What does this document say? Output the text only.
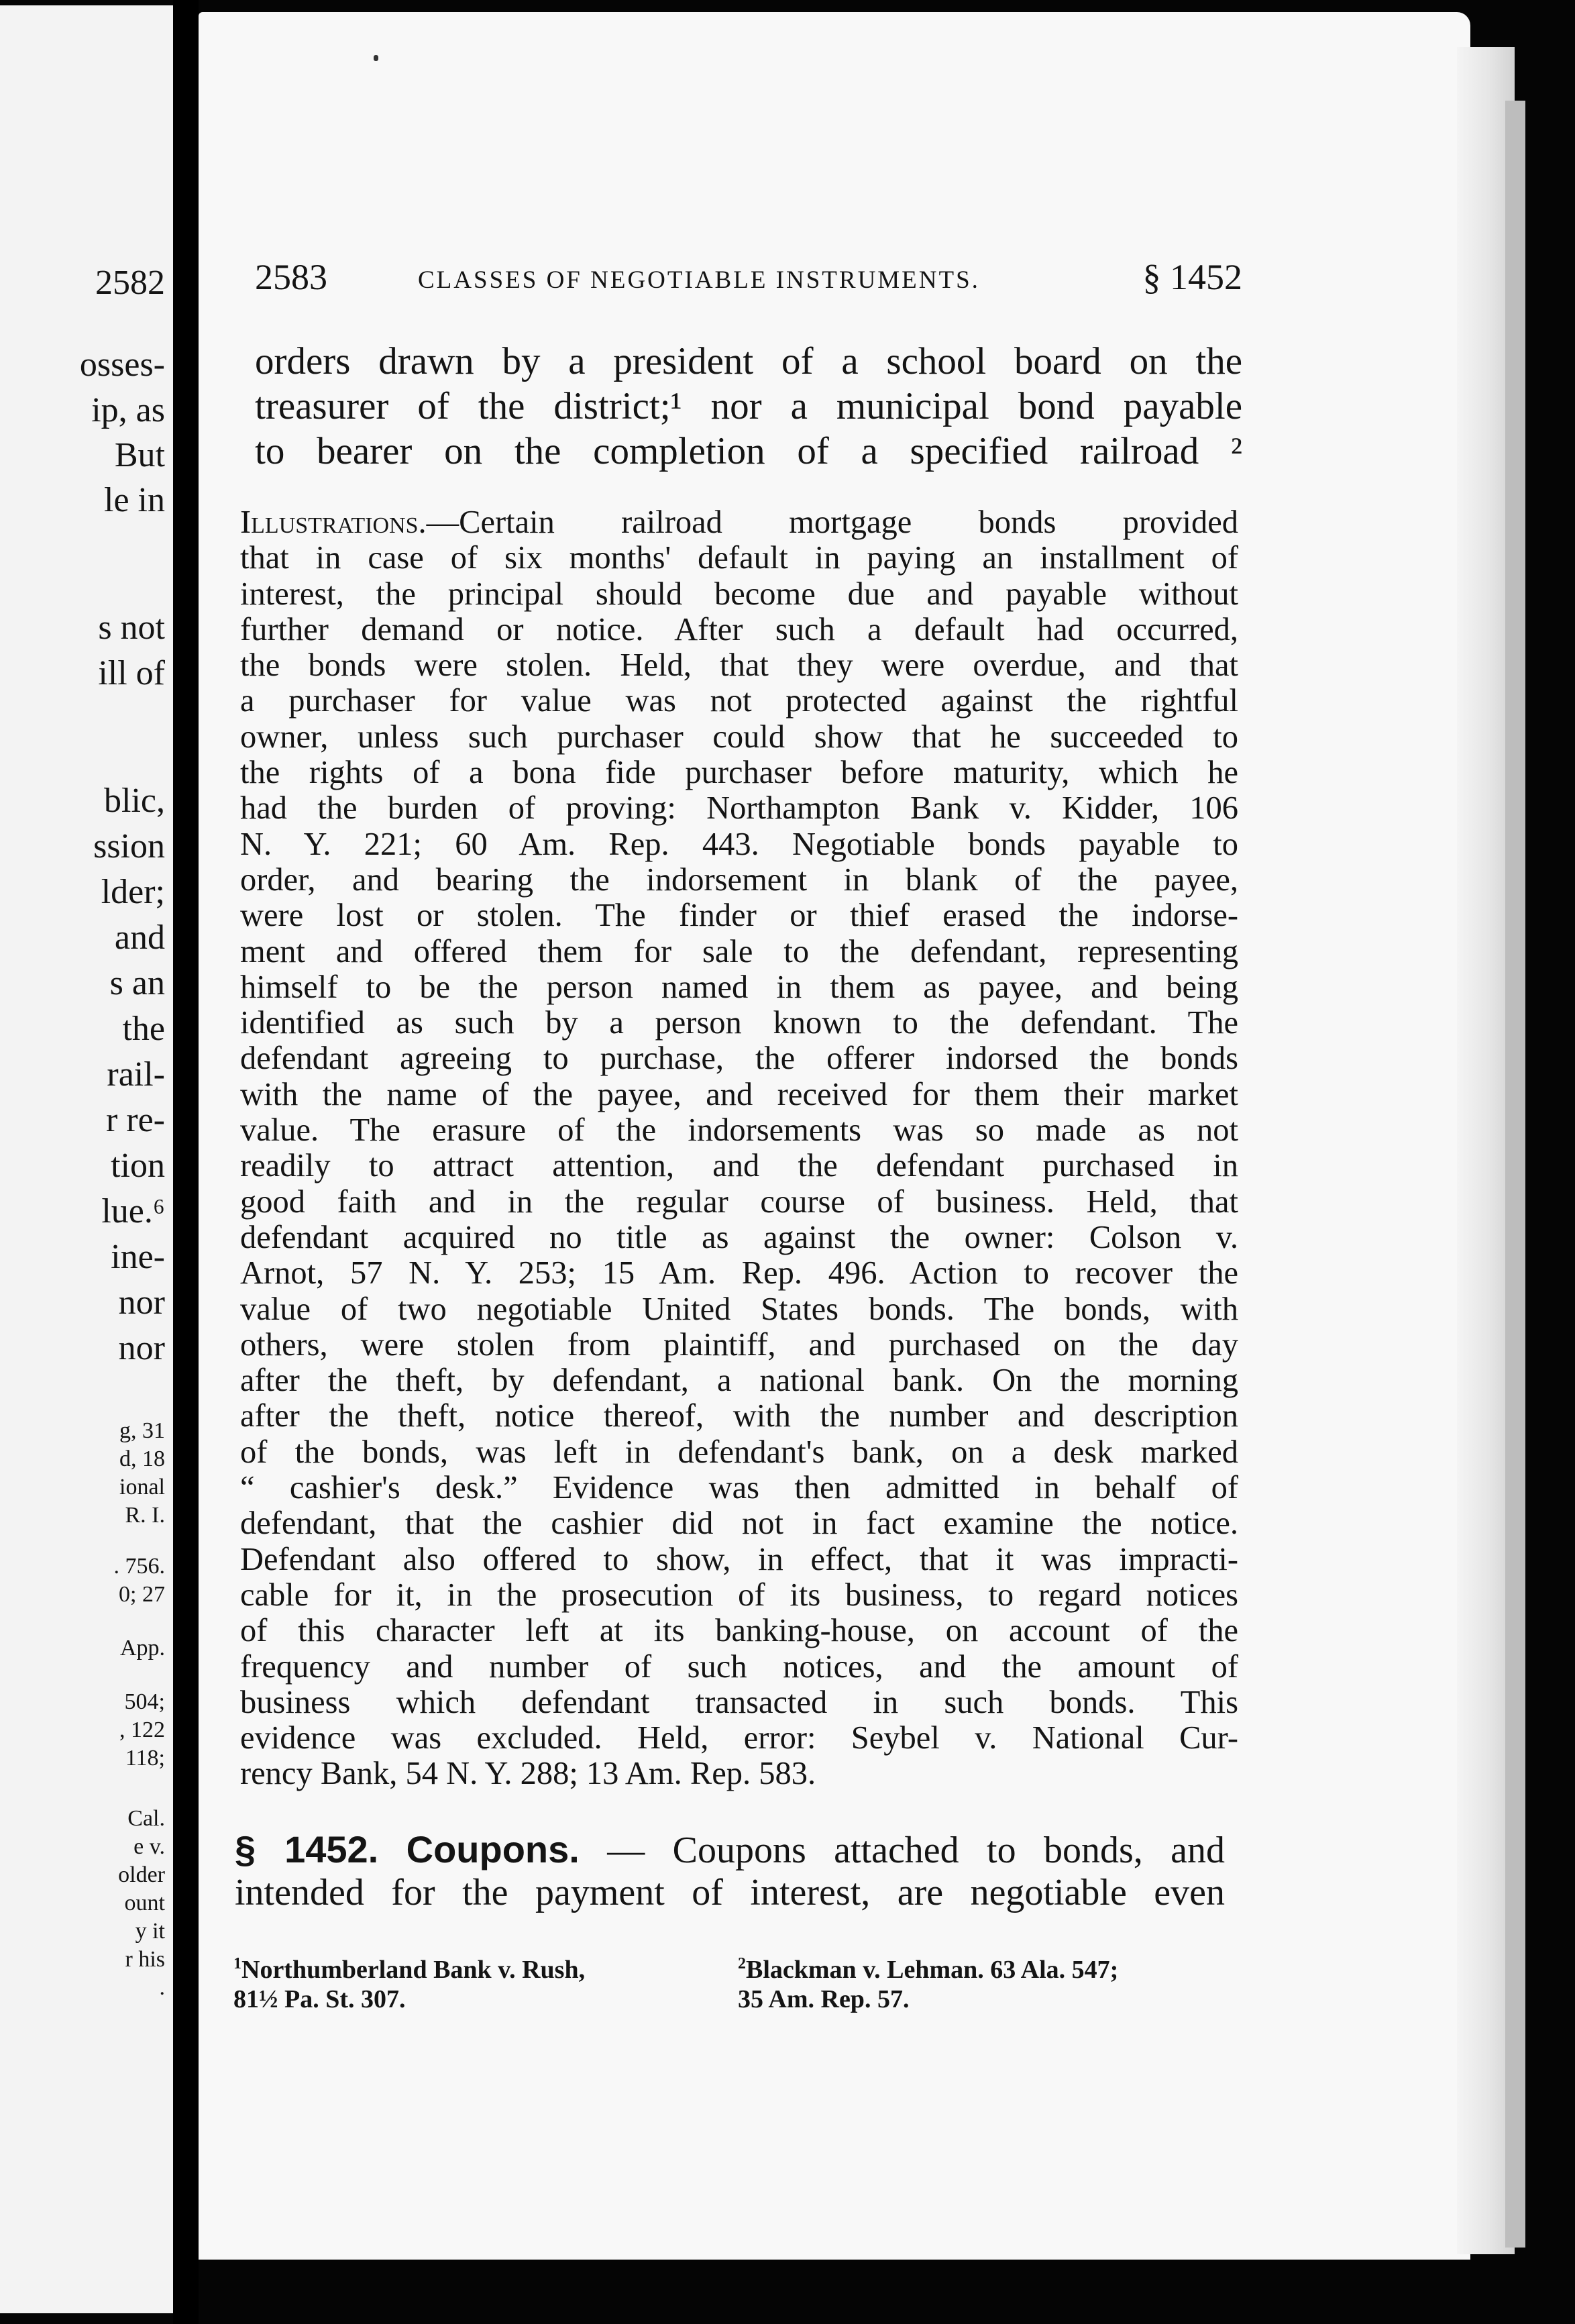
2582
osses-
ip, as
But
le in
s not
ill of
blic,
ssion
lder;
and
s an
the
rail-
r re-
tion
lue.⁶
ine-
nor
nor
g, 31
d, 18
ional
R. I.
. 756.
0; 27
App.
504;
, 122
118;
Cal.
e v.
older
ount
y it
r his
.
2583	CLASSES OF NEGOTIABLE INSTRUMENTS.	§ 1452
orders drawn by a president of a school board on the
treasurer of the district;¹ nor a municipal bond payable
to bearer on the completion of a specified railroad ²
Illustrations.—Certain railroad mortgage bonds provided
that in case of six months' default in paying an installment of
interest, the principal should become due and payable without
further demand or notice. After such a default had occurred,
the bonds were stolen. Held, that they were overdue, and that
a purchaser for value was not protected against the rightful
owner, unless such purchaser could show that he succeeded to
the rights of a bona fide purchaser before maturity, which he
had the burden of proving: Northampton Bank v. Kidder, 106
N. Y. 221; 60 Am. Rep. 443. Negotiable bonds payable to
order, and bearing the indorsement in blank of the payee,
were lost or stolen. The finder or thief erased the indorse-
ment and offered them for sale to the defendant, representing
himself to be the person named in them as payee, and being
identified as such by a person known to the defendant. The
defendant agreeing to purchase, the offerer indorsed the bonds
with the name of the payee, and received for them their market
value. The erasure of the indorsements was so made as not
readily to attract attention, and the defendant purchased in
good faith and in the regular course of business. Held, that
defendant acquired no title as against the owner: Colson v.
Arnot, 57 N. Y. 253; 15 Am. Rep. 496. Action to recover the
value of two negotiable United States bonds. The bonds, with
others, were stolen from plaintiff, and purchased on the day
after the theft, by defendant, a national bank. On the morning
after the theft, notice thereof, with the number and description
of the bonds, was left in defendant's bank, on a desk marked
“ cashier's desk.” Evidence was then admitted in behalf of
defendant, that the cashier did not in fact examine the notice.
Defendant also offered to show, in effect, that it was impracti-
cable for it, in the prosecution of its business, to regard notices
of this character left at its banking-house, on account of the
frequency and number of such notices, and the amount of
business which defendant transacted in such bonds. This
evidence was excluded. Held, error: Seybel v. National Cur-
rency Bank, 54 N. Y. 288; 13 Am. Rep. 583.
§ 1452. Coupons. — Coupons attached to bonds, and
intended for the payment of interest, are negotiable even
$^1$Northumberland Bank v. Rush,
81½ Pa. St. 307.
$^2$Blackman v. Lehman. 63 Ala. 547;
35 Am. Rep. 57.
